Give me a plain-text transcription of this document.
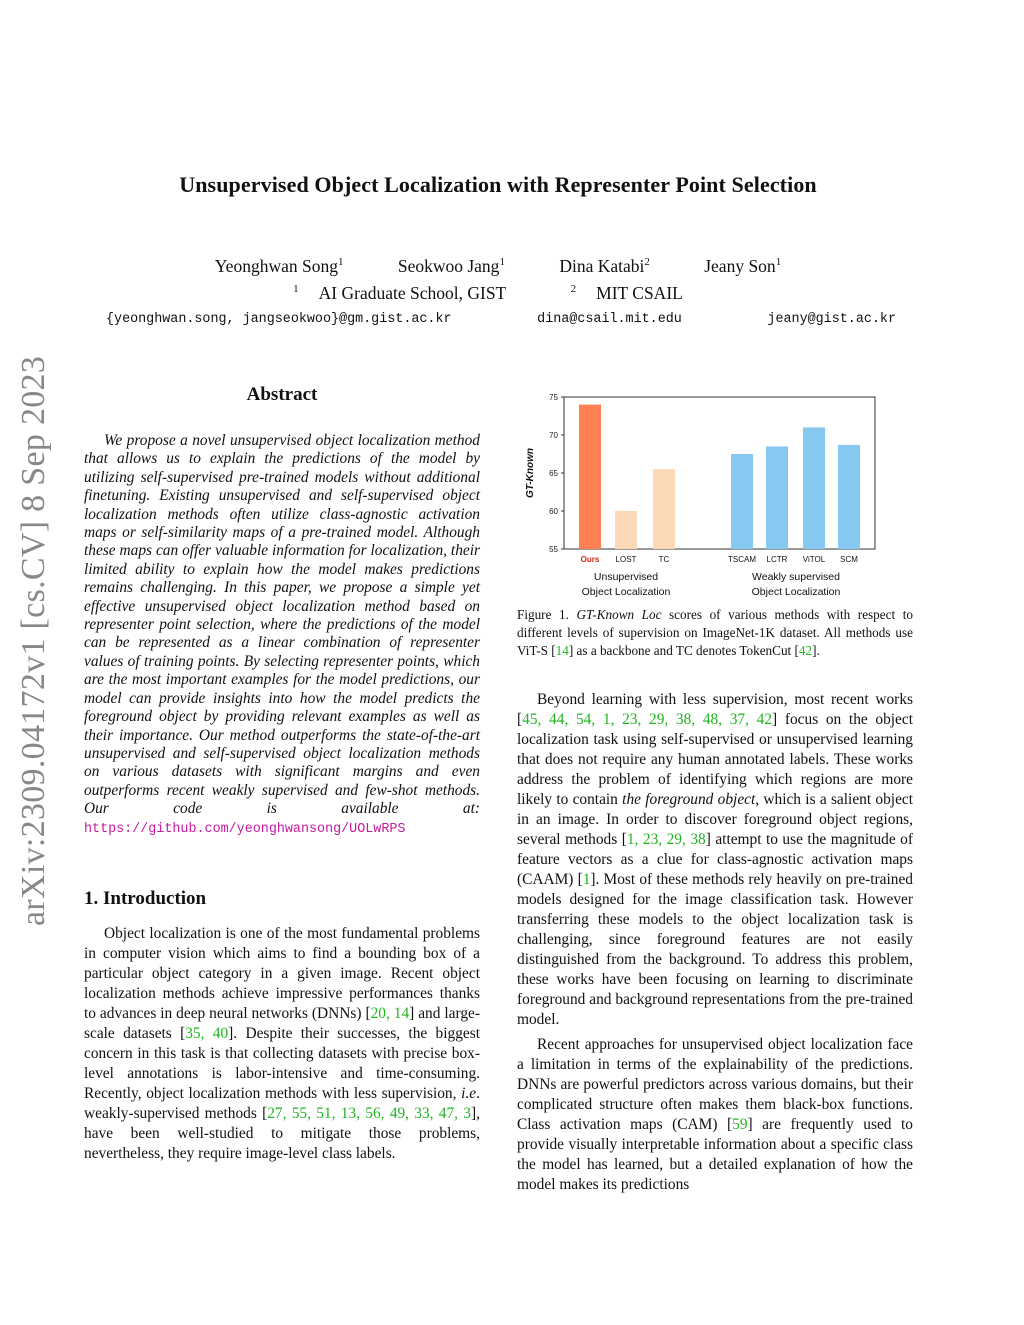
Unsupervised Object Localization with Representer Point Selection
Yeonghwan Song$^1$	Seokwoo Jang$^1$	Dina Katabi$^2$	Jeany Son$^1$
$^1$ AI Graduate School, GIST	$^2$ MIT CSAIL
{yeonghwan.song, jangseokwoo}@gm.gist.ac.kr	dina@csail.mit.edu	jeany@gist.ac.kr
arXiv:2309.04172v1 [cs.CV] 8 Sep 2023	Abstract
We propose a novel unsupervised object localization method that allows us to explain the predictions of the model by utilizing self-supervised pre-trained models without additional finetuning. Existing unsupervised and self-supervised object localization methods often utilize class-agnostic activation maps or self-similarity maps of a pre-trained model. Although these maps can offer valuable information for localization, their limited ability to explain how the model makes predictions remains challenging. In this paper, we propose a simple yet effective unsupervised object localization method based on representer point selection, where the predictions of the model can be represented as a linear combination of representer values of training points. By selecting representer points, which are the most important examples for the model predictions, our model can provide insights into how the model predicts the foreground object by providing relevant examples as well as their importance. Our method outperforms the state-of-the-art unsupervised and self-supervised object localization methods on various datasets with significant margins and even outperforms recent weakly supervised and few-shot methods. Our code is available at: https://github.com/yeonghwansong/UOLwRPS
1. Introduction
Object localization is one of the most fundamental problems in computer vision which aims to find a bounding box of a particular object category in a given image. Recent object localization methods achieve impressive performances thanks to advances in deep neural networks (DNNs) [20, 14] and large-scale datasets [35, 40]. Despite their successes, the biggest concern in this task is that collecting datasets with precise box-level annotations is labor-intensive and time-consuming. Recently, object localization methods with less supervision, i.e. weakly-supervised methods [27, 55, 51, 13, 56, 49, 33, 47, 3], have been well-studied to mitigate those problems, nevertheless, they require image-level class labels.
55
60
65
70
75
GT-Known
Ours LOST	TC	TSCAM LCTR ViTOL SCM
Unsupervised
Object Localization
Weakly supervised
Object Localization
Figure 1. GT-Known Loc scores of various methods with respect to different levels of supervision on ImageNet-1K dataset. All methods use ViT-S [14] as a backbone and TC denotes TokenCut [42].
Beyond learning with less supervision, most recent works [45, 44, 54, 1, 23, 29, 38, 48, 37, 42] focus on the object localization task using self-supervised or unsupervised learning that does not require any human annotated labels. These works address the problem of identifying which regions are more likely to contain the foreground object, which is a salient object in an image. In order to discover foreground object regions, several methods [1, 23, 29, 38] attempt to use the magnitude of feature vectors as a clue for class-agnostic activation maps (CAAM) [1]. Most of these methods rely heavily on pre-trained models designed for the image classification task. However transferring these models to the object localization task is challenging, since foreground features are not easily distinguished from the background. To address this problem, these works have been focusing on learning to discriminate foreground and background representations from the pre-trained model.
Recent approaches for unsupervised object localization face a limitation in terms of the explainability of the predictions. DNNs are powerful predictors across various domains, but their complicated structure often makes them black-box functions. Class activation maps (CAM) [59] are frequently used to provide visually interpretable information about a specific class the model has learned, but a detailed explanation of how the model makes its predictions
